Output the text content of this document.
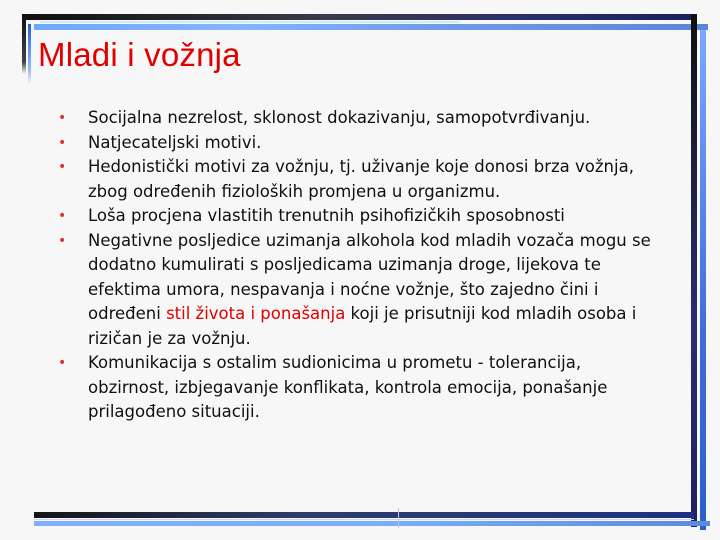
Mladi i vožnja
• Socijalna nezrelost, sklonost dokazivanju, samopotvrđivanju.
• Natjecateljski motivi.
• Hedonistički motivi za vožnju, tj. uživanje koje donosi brza vožnja, zbog određenih fizioloških promjena u organizmu.
• Loša procjena vlastitih trenutnih psihofizičkih sposobnosti
• Negativne posljedice uzimanja alkohola kod mladih vozača mogu se dodatno kumulirati s posljedicama uzimanja droge, lijekova te efektima umora, nespavanja i noćne vožnje, što zajedno čini i određeni stil života i ponašanja koji je prisutniji kod mladih osoba i rizičan je za vožnju.
• Komunikacija s ostalim sudionicima u prometu - tolerancija, obzirnost, izbjegavanje konflikata, kontrola emocija, ponašanje prilagođeno situaciji.
